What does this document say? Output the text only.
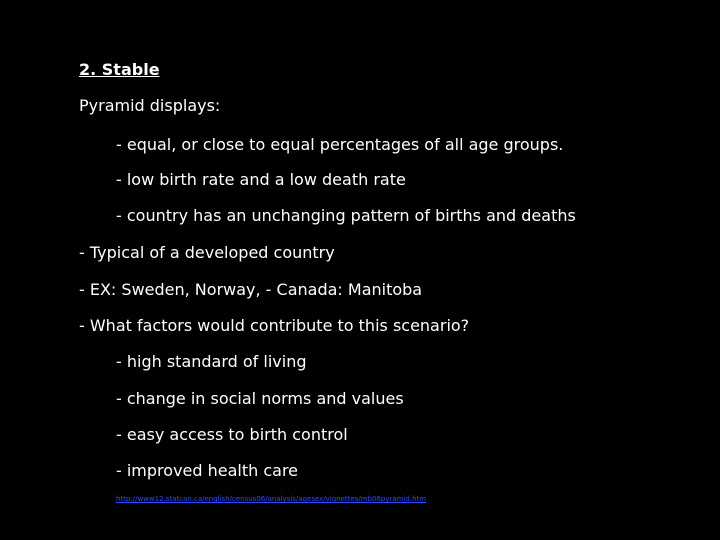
2. Stable
Pyramid displays:
- equal, or close to equal percentages of all age groups.
- low birth rate and a low death rate
- country has an unchanging pattern of births and deaths
- Typical of a developed country
- EX: Sweden, Norway, - Canada: Manitoba
- What factors would contribute to this scenario?
- high standard of living
- change in social norms and values
- easy access to birth control
- improved health care
http://www12.statcan.ca/english/census06/analysis/agesex/vignettes/mb06pyramid.htm
